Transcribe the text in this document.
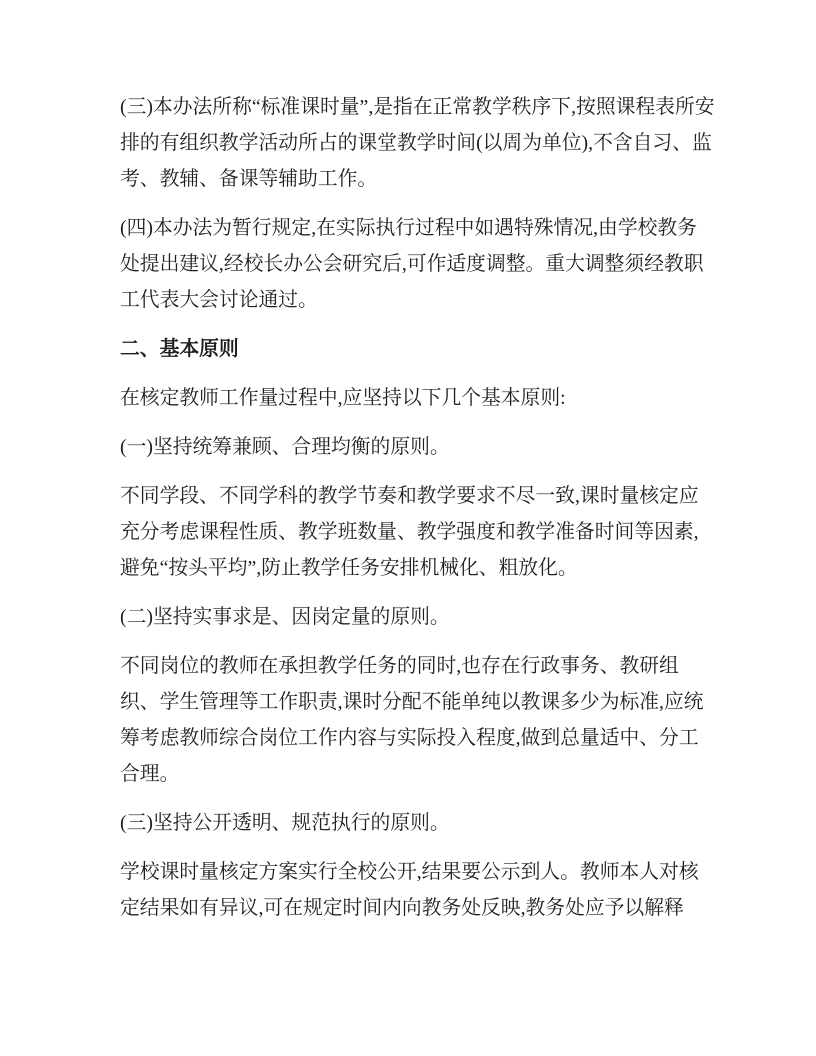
(三)本办法所称“标准课时量”,是指在正常教学秩序下,按照课程表所安排的有组织教学活动所占的课堂教学时间(以周为单位),不含自习、监考、教辅、备课等辅助工作。

(四)本办法为暂行规定,在实际执行过程中如遇特殊情况,由学校教务处提出建议,经校长办公会研究后,可作适度调整。重大调整须经教职工代表大会讨论通过。

二、基本原则

在核定教师工作量过程中,应坚持以下几个基本原则:

(一)坚持统筹兼顾、合理均衡的原则。

不同学段、不同学科的教学节奏和教学要求不尽一致,课时量核定应充分考虑课程性质、教学班数量、教学强度和教学准备时间等因素,避免“按头平均”,防止教学任务安排机械化、粗放化。

(二)坚持实事求是、因岗定量的原则。

不同岗位的教师在承担教学任务的同时,也存在行政事务、教研组织、学生管理等工作职责,课时分配不能单纯以教课多少为标准,应统筹考虑教师综合岗位工作内容与实际投入程度,做到总量适中、分工合理。

(三)坚持公开透明、规范执行的原则。

学校课时量核定方案实行全校公开,结果要公示到人。教师本人对核定结果如有异议,可在规定时间内向教务处反映,教务处应予以解释
